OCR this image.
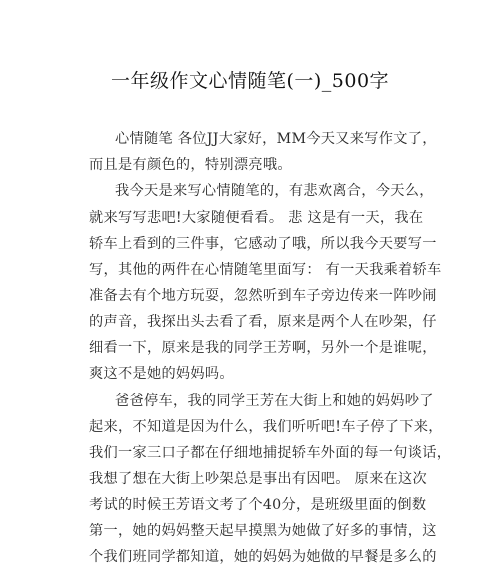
一年级作文心情随笔(一)_500字
心情随笔 各位JJ大家好，MM今天又来写作文了，
而且是有颜色的，特别漂亮哦。
我今天是来写心情随笔的，有悲欢离合，今天么，
就来写写悲吧!大家随便看看。 悲 这是有一天，我在
轿车上看到的三件事，它感动了哦，所以我今天要写一
写，其他的两件在心情随笔里面写： 有一天我乘着轿车
准备去有个地方玩耍，忽然听到车子旁边传来一阵吵闹
的声音，我探出头去看了看，原来是两个人在吵架，仔
细看一下，原来是我的同学王芳啊，另外一个是谁呢，
爽这不是她的妈妈吗。
爸爸停车，我的同学王芳在大街上和她的妈妈吵了
起来，不知道是因为什么，我们听听吧!车子停了下来，
我们一家三口子都在仔细地捕捉轿车外面的每一句谈话，
我想了想在大街上吵架总是事出有因吧。 原来在这次
考试的时候王芳语文考了个40分，是班级里面的倒数
第一，她的妈妈整天起早摸黑为她做了好多的事情，这
个我们班同学都知道，她的妈妈为她做的早餐是多么的
